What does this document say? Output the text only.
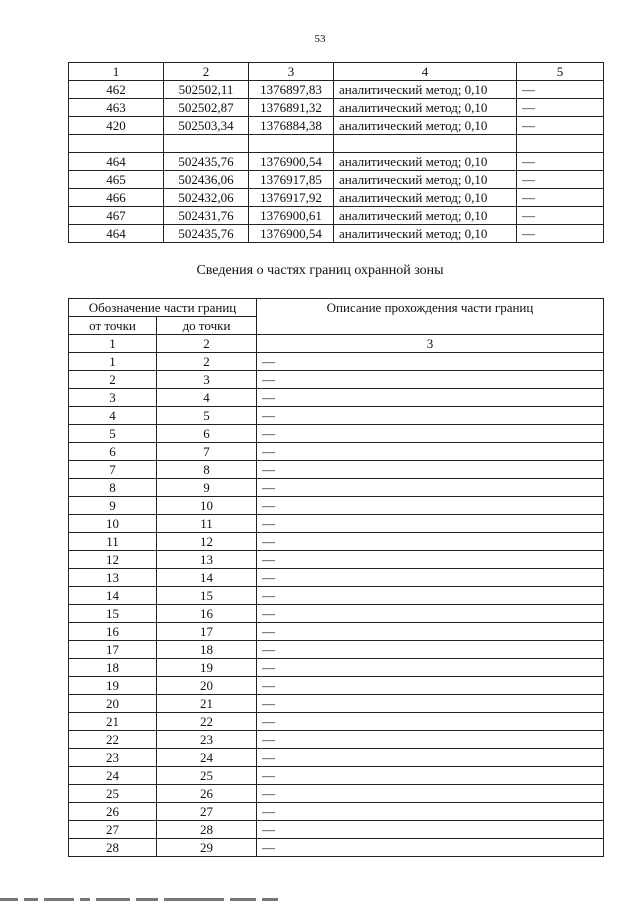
53
1	2	3	4	5
462	502502,11	1376897,83	аналитический метод; 0,10	—
463	502502,87	1376891,32	аналитический метод; 0,10	—
420	502503,34	1376884,38	аналитический метод; 0,10	—

464	502435,76	1376900,54	аналитический метод; 0,10	—
465	502436,06	1376917,85	аналитический метод; 0,10	—
466	502432,06	1376917,92	аналитический метод; 0,10	—
467	502431,76	1376900,61	аналитический метод; 0,10	—
464	502435,76	1376900,54	аналитический метод; 0,10	—
Сведения о частях границ охранной зоны
Обозначение части границ		Описание прохождения части границ
от точки	до точки	
1	2	3
1	2	—
2	3	—
3	4	—
4	5	—
5	6	—
6	7	—
7	8	—
8	9	—
9	10	—
10	11	—
11	12	—
12	13	—
13	14	—
14	15	—
15	16	—
16	17	—
17	18	—
18	19	—
19	20	—
20	21	—
21	22	—
22	23	—
23	24	—
24	25	—
25	26	—
26	27	—
27	28	—
28	29	—
